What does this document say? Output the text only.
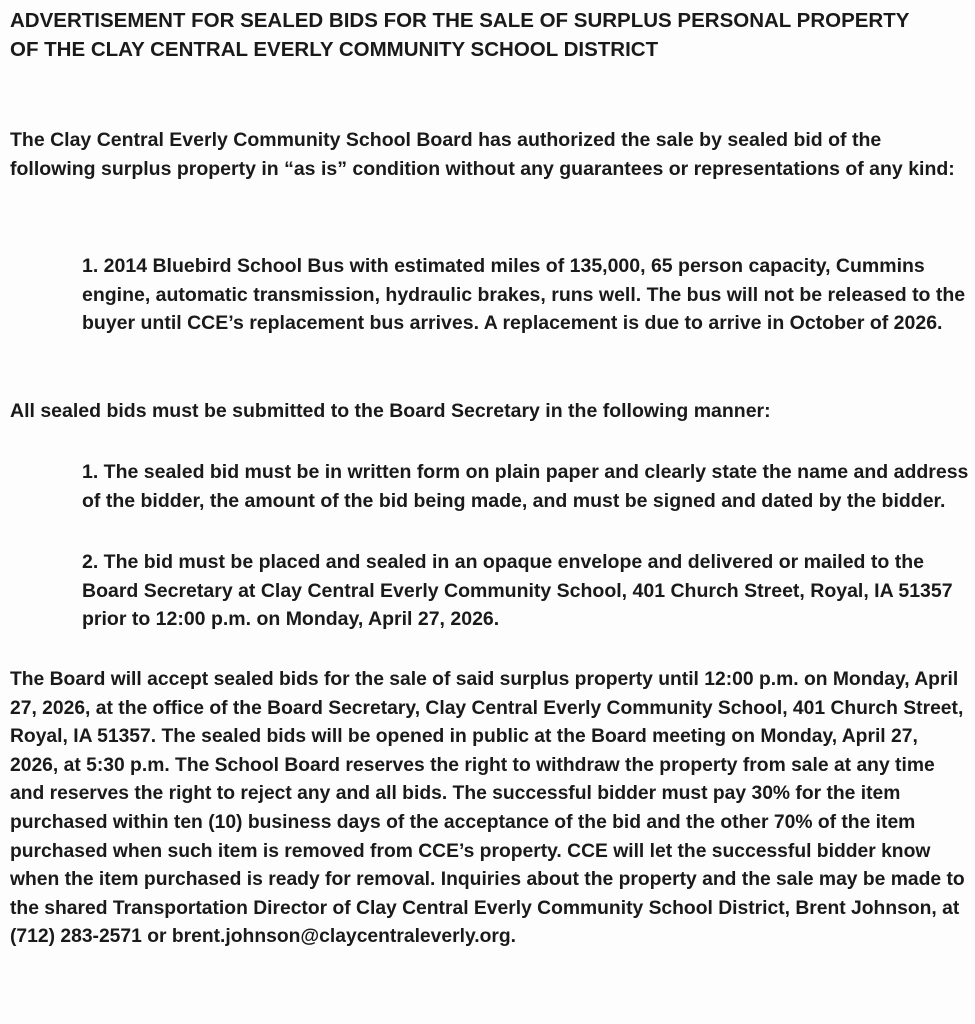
ADVERTISEMENT FOR SEALED BIDS FOR THE SALE OF SURPLUS PERSONAL PROPERTY OF THE CLAY CENTRAL EVERLY COMMUNITY SCHOOL DISTRICT

The Clay Central Everly Community School Board has authorized the sale by sealed bid of the following surplus property in “as is” condition without any guarantees or representations of any kind:

1. 2014 Bluebird School Bus with estimated miles of 135,000, 65 person capacity, Cummins engine, automatic transmission, hydraulic brakes, runs well. The bus will not be released to the buyer until CCE’s replacement bus arrives. A replacement is due to arrive in October of 2026.

All sealed bids must be submitted to the Board Secretary in the following manner:

1. The sealed bid must be in written form on plain paper and clearly state the name and address of the bidder, the amount of the bid being made, and must be signed and dated by the bidder.

2. The bid must be placed and sealed in an opaque envelope and delivered or mailed to the Board Secretary at Clay Central Everly Community School, 401 Church Street, Royal, IA 51357 prior to 12:00 p.m. on Monday, April 27, 2026.

The Board will accept sealed bids for the sale of said surplus property until 12:00 p.m. on Monday, April 27, 2026, at the office of the Board Secretary, Clay Central Everly Community School, 401 Church Street, Royal, IA 51357. The sealed bids will be opened in public at the Board meeting on Monday, April 27, 2026, at 5:30 p.m. The School Board reserves the right to withdraw the property from sale at any time and reserves the right to reject any and all bids. The successful bidder must pay 30% for the item purchased within ten (10) business days of the acceptance of the bid and the other 70% of the item purchased when such item is removed from CCE’s property. CCE will let the successful bidder know when the item purchased is ready for removal. Inquiries about the property and the sale may be made to the shared Transportation Director of Clay Central Everly Community School District, Brent Johnson, at (712) 283-2571 or brent.johnson@claycentraleverly.org.
